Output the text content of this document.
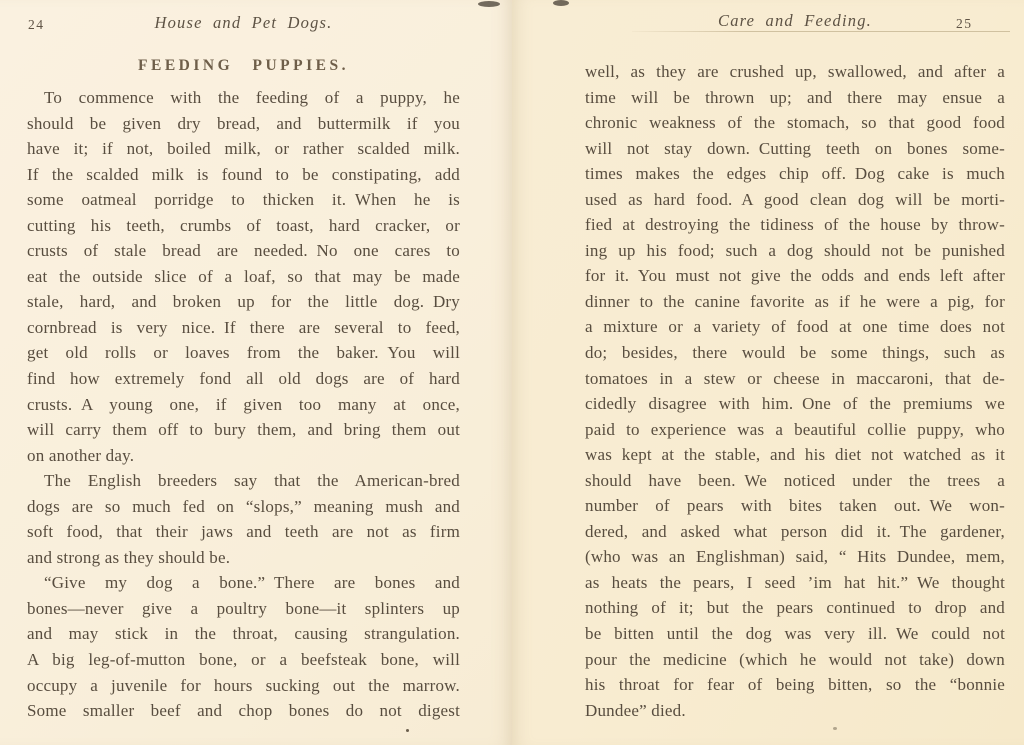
24	House and Pet Dogs.
FEEDING PUPPIES.
To commence with the feeding of a puppy, he
should be given dry bread, and buttermilk if you
have it; if not, boiled milk, or rather scalded milk.
If the scalded milk is found to be constipating, add
some oatmeal porridge to thicken it. When he is
cutting his teeth, crumbs of toast, hard cracker, or
crusts of stale bread are needed. No one cares to
eat the outside slice of a loaf, so that may be made
stale, hard, and broken up for the little dog. Dry
cornbread is very nice. If there are several to feed,
get old rolls or loaves from the baker. You will
find how extremely fond all old dogs are of hard
crusts. A young one, if given too many at once,
will carry them off to bury them, and bring them out
on another day.
The English breeders say that the American-bred
dogs are so much fed on “slops,” meaning mush and
soft food, that their jaws and teeth are not as firm
and strong as they should be.
“Give my dog a bone.” There are bones and
bones—never give a poultry bone—it splinters up
and may stick in the throat, causing strangulation.
A big leg-of-mutton bone, or a beefsteak bone, will
occupy a juvenile for hours sucking out the marrow.
Some smaller beef and chop bones do not digest
Care and Feeding.	25
well, as they are crushed up, swallowed, and after a
time will be thrown up; and there may ensue a
chronic weakness of the stomach, so that good food
will not stay down. Cutting teeth on bones some-
times makes the edges chip off. Dog cake is much
used as hard food. A good clean dog will be morti-
fied at destroying the tidiness of the house by throw-
ing up his food; such a dog should not be punished
for it. You must not give the odds and ends left after
dinner to the canine favorite as if he were a pig, for
a mixture or a variety of food at one time does not
do; besides, there would be some things, such as
tomatoes in a stew or cheese in maccaroni, that de-
cidedly disagree with him. One of the premiums we
paid to experience was a beautiful collie puppy, who
was kept at the stable, and his diet not watched as it
should have been. We noticed under the trees a
number of pears with bites taken out. We won-
dered, and asked what person did it. The gardener,
(who was an Englishman) said, “ Hits Dundee, mem,
as heats the pears, I seed ’im hat hit.” We thought
nothing of it; but the pears continued to drop and
be bitten until the dog was very ill. We could not
pour the medicine (which he would not take) down
his throat for fear of being bitten, so the “bonnie
Dundee” died.
